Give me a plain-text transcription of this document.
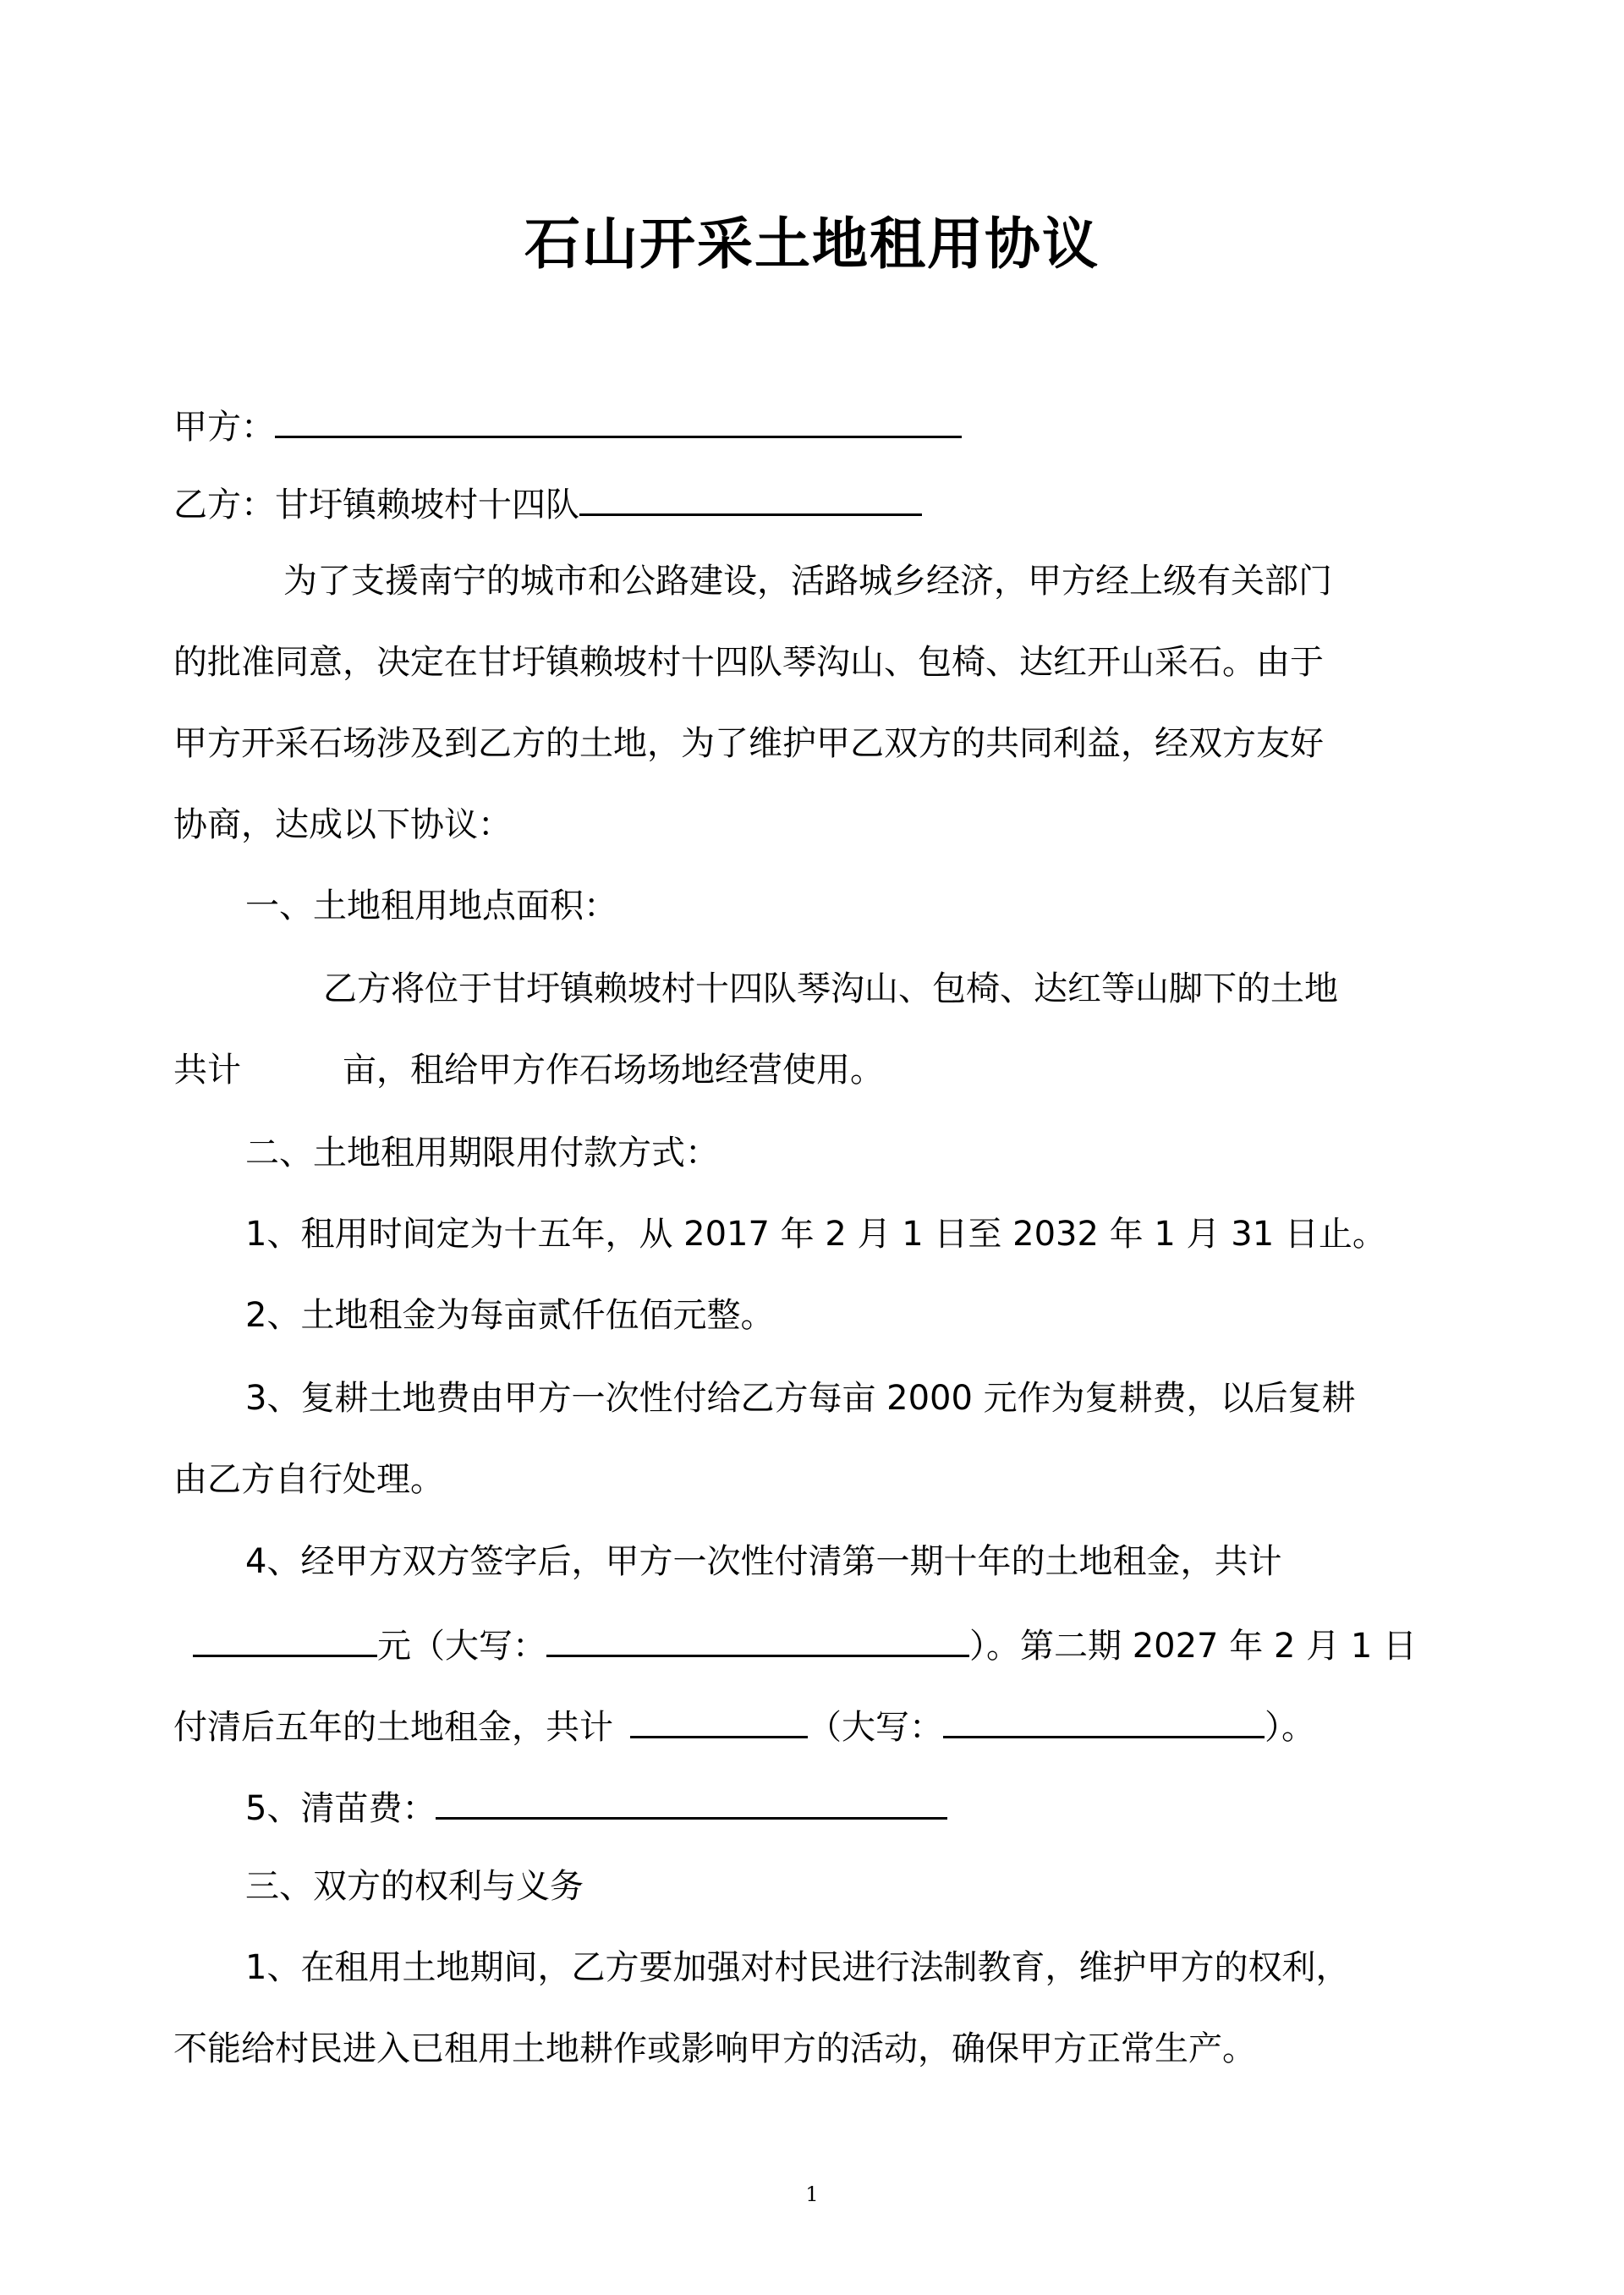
石山开采土地租用协议
甲方：
乙方：甘圩镇赖坡村十四队
为了支援南宁的城市和公路建设，活路城乡经济，甲方经上级有关部门
的批准同意，决定在甘圩镇赖坡村十四队琴沟山、包椅、达红开山采石。由于
甲方开采石场涉及到乙方的土地，为了维护甲乙双方的共同利益，经双方友好
协商，达成以下协议：
一、土地租用地点面积：
乙方将位于甘圩镇赖坡村十四队琴沟山、包椅、达红等山脚下的土地
共计	亩，租给甲方作石场场地经营使用。
二、土地租用期限用付款方式：
1、租用时间定为十五年，从 2017 年 2 月 1 日至 2032 年 1 月 31 日止。
2、土地租金为每亩贰仟伍佰元整。
3、复耕土地费由甲方一次性付给乙方每亩 2000 元作为复耕费，以后复耕
由乙方自行处理。
4、经甲方双方签字后，甲方一次性付清第一期十年的土地租金，共计
元（大写：	）。第二期 2027 年 2 月 1 日
付清后五年的土地租金，共计	（大写：	）。
5、清苗费：
三、双方的权利与义务
1、在租用土地期间，乙方要加强对村民进行法制教育，维护甲方的权利，
不能给村民进入已租用土地耕作或影响甲方的活动，确保甲方正常生产。
1
